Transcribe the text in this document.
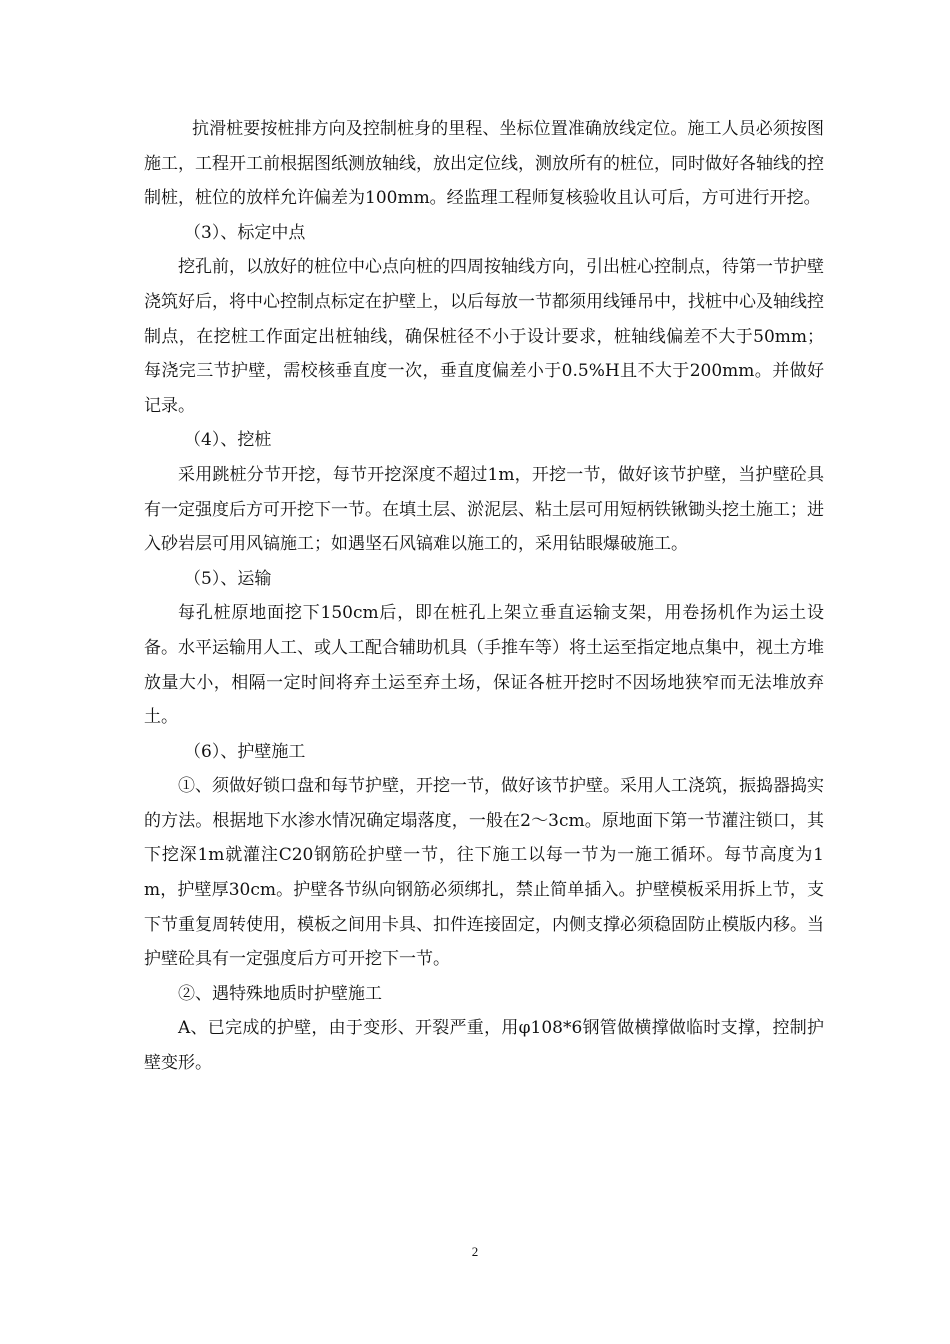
抗滑桩要按桩排方向及控制桩身的里程、坐标位置准确放线定位。施工人员必须按图施工，工程开工前根据图纸测放轴线，放出定位线，测放所有的桩位，同时做好各轴线的控制桩，桩位的放样允许偏差为100mm。经监理工程师复核验收且认可后，方可进行开挖。

（3）、标定中点

挖孔前，以放好的桩位中心点向桩的四周按轴线方向，引出桩心控制点，待第一节护壁浇筑好后，将中心控制点标定在护壁上，以后每放一节都须用线锤吊中，找桩中心及轴线控制点，在挖桩工作面定出桩轴线，确保桩径不小于设计要求，桩轴线偏差不大于50mm；每浇完三节护壁，需校核垂直度一次，垂直度偏差小于0.5%H且不大于200mm。并做好记录。

（4）、挖桩

采用跳桩分节开挖，每节开挖深度不超过1m，开挖一节，做好该节护壁，当护壁砼具有一定强度后方可开挖下一节。在填土层、淤泥层、粘土层可用短柄铁锹锄头挖土施工；进入砂岩层可用风镐施工；如遇坚石风镐难以施工的，采用钻眼爆破施工。

（5）、运输

每孔桩原地面挖下150cm后，即在桩孔上架立垂直运输支架，用卷扬机作为运土设备。水平运输用人工、或人工配合辅助机具（手推车等）将土运至指定地点集中，视土方堆放量大小，相隔一定时间将弃土运至弃土场，保证各桩开挖时不因场地狭窄而无法堆放弃土。

（6）、护壁施工

①、须做好锁口盘和每节护壁，开挖一节，做好该节护壁。采用人工浇筑，振捣器捣实的方法。根据地下水渗水情况确定塌落度，一般在2～3cm。原地面下第一节灌注锁口，其下挖深1m就灌注C20钢筋砼护壁一节，往下施工以每一节为一施工循环。每节高度为1m，护壁厚30cm。护壁各节纵向钢筋必须绑扎，禁止简单插入。护壁模板采用拆上节，支下节重复周转使用，模板之间用卡具、扣件连接固定，内侧支撑必须稳固防止模版内移。当护壁砼具有一定强度后方可开挖下一节。

②、遇特殊地质时护壁施工

A、已完成的护壁，由于变形、开裂严重，用φ108*6钢管做横撑做临时支撑，控制护壁变形。

2
